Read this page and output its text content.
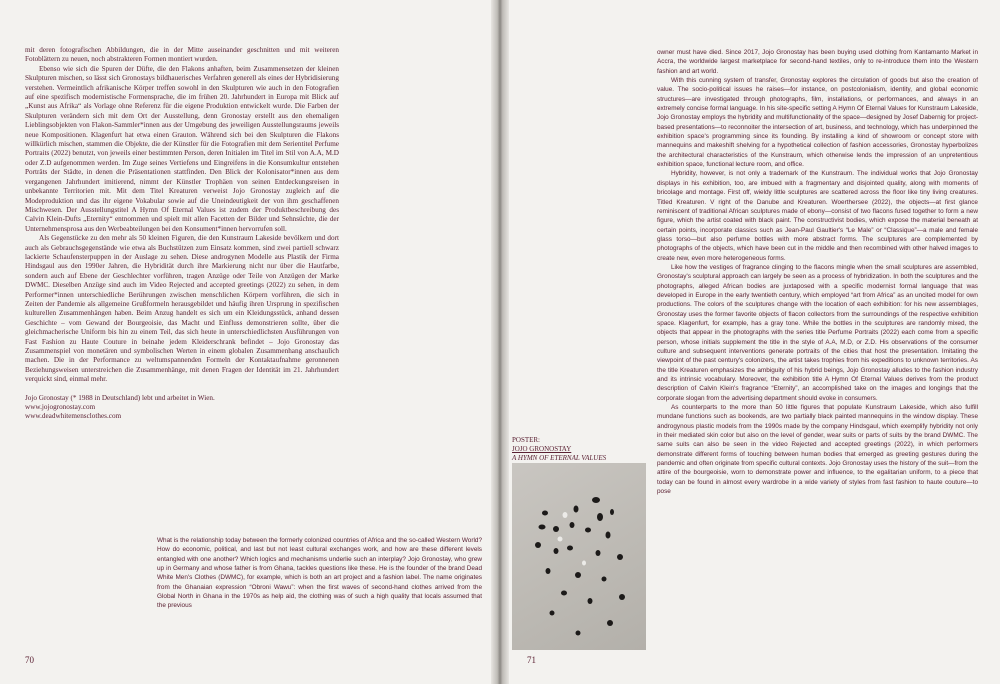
mit deren fotografischen Abbildungen, die in der Mitte auseinander geschnitten und mit weiteren Fotoblättern zu neuen, noch abstrakteren Formen montiert wurden.

Ebenso wie sich die Spuren der Düfte, die den Flakons anhaften, beim Zusammensetzen der kleinen Skulpturen mischen, so lässt sich Gronostays bildhauerisches Verfahren generell als eines der Hybridisierung verstehen. Vermeintlich afrikanische Körper treffen sowohl in den Skulpturen wie auch in den Fotografien auf eine spezifisch modernistische Formensprache, die im frühen 20. Jahrhundert in Europa mit Blick auf „Kunst aus Afrika“ als Vorlage ohne Referenz für die eigene Produktion entwickelt wurde. Die Farben der Skulpturen verändern sich mit dem Ort der Ausstellung, denn Gronostay erstellt aus den ehemaligen Lieblingsobjekten von Flakon-Sammler*innen aus der Umgebung des jeweiligen Ausstellungsraums jeweils neue Kompositionen. Klagenfurt hat etwa einen Grauton. Während sich bei den Skulpturen die Flakons willkürlich mischen, stammen die Objekte, die der Künstler für die Fotografien mit dem Serientitel Perfume Portraits (2022) benutzt, von jeweils einer bestimmten Person, deren Initialen im Titel im Stil von A.A, M.D oder Z.D aufgenommen werden. Im Zuge seines Vertiefens und Eingreifens in die Konsumkultur entstehen Porträts der Städte, in denen die Präsentationen stattfinden. Den Blick der Kolonisator*innen aus dem vergangenen Jahrhundert imitierend, nimmt der Künstler Trophäen von seinen Entdeckungsreisen in unbekannte Territorien mit. Mit dem Titel Kreaturen verweist Jojo Gronostay zugleich auf die Modeproduktion und das ihr eigene Vokabular sowie auf die Uneindeutigkeit der von ihm geschaffenen Mischwesen. Der Ausstellungstitel A Hymn Of Eternal Values ist zudem der Produktbeschreibung des Calvin Klein-Dufts „Eternity“ entnommen und spielt mit allen Facetten der Bilder und Sehnsüchte, die der Unternehmensprosa aus den Werbeabteilungen bei den Konsument*innen hervorrufen soll.

Als Gegenstücke zu den mehr als 50 kleinen Figuren, die den Kunstraum Lakeside bevölkern und dort auch als Gebrauchsgegenstände wie etwa als Buchstützen zum Einsatz kommen, sind zwei partiell schwarz lackierte Schaufensterpuppen in der Auslage zu sehen. Diese androgynen Modelle aus Plastik der Firma Hindsgaul aus den 1990er Jahren, die Hybridität durch ihre Markierung nicht nur über die Hautfarbe, sondern auch auf Ebene der Geschlechter vorführen, tragen Anzüge oder Teile von Anzügen der Marke DWMC. Dieselben Anzüge sind auch im Video Rejected and accepted greetings (2022) zu sehen, in dem Performer*innen unterschiedliche Berührungen zwischen menschlichen Körpern vorführen, die sich in Zeiten der Pandemie als allgemeine Grußformeln herausgebildet und häufig ihren Ursprung in spezifischen kulturellen Zusammenhängen haben. Beim Anzug handelt es sich um ein Kleidungsstück, anhand dessen Geschichte – vom Gewand der Bourgeoisie, das Macht und Einfluss demonstrieren sollte, über die gleichmacherische Uniform bis hin zu einem Teil, das sich heute in unterschiedlichsten Ausführungen von Fast Fashion zu Haute Couture in beinahe jedem Kleiderschrank befindet – Jojo Gronostay das Zusammenspiel von monetären und symbolischen Werten in einem globalen Zusammenhang anschaulich machen. Die in der Performance zu weltumspannenden Formeln der Kontaktaufnahme geronnenen Beziehungsweisen unterstreichen die Zusammenhänge, mit denen Fragen der Identität im 21. Jahrhundert verquickt sind, einmal mehr.

Jojo Gronostay (* 1988 in Deutschland) lebt und arbeitet in Wien.

www.jojogronostay.com

www.deadwhitemensclothes.com

What is the relationship today between the formerly colonized countries of Africa and the so-called Western World? How do economic, political, and last but not least cultural exchanges work, and how are these different levels entangled with one another? Which logics and mechanisms underlie such an interplay? Jojo Gronostay, who grew up in Germany and whose father is from Ghana, tackles questions like these. He is the founder of the brand Dead White Men's Clothes (DWMC), for example, which is both an art project and a fashion label. The name originates from the Ghanaian expression “Obroni Wawu”: when the first waves of second-hand clothes arrived from the Global North in Ghana in the 1970s as help aid, the clothing was of such a high quality that locals assumed that the previous

70

owner must have died. Since 2017, Jojo Gronostay has been buying used clothing from Kantamanto Market in Accra, the worldwide largest marketplace for second-hand textiles, only to re-introduce them into the Western fashion and art world.

With this cunning system of transfer, Gronostay explores the circulation of goods but also the creation of value. The socio-political issues he raises—for instance, on postcolonialism, identity, and global economic structures—are investigated through photographs, film, installations, or performances, and always in an extremely concise formal language. In his site-specific setting A Hymn Of Eternal Values for Kunstraum Lakeside, Jojo Gronostay employs the hybridity and multifunctionality of the space—designed by Josef Dabernig for project-based presentations—to reconnoiter the intersection of art, business, and technology, which has underpinned the exhibition space's programming since its founding. By installing a kind of showroom or concept store with mannequins and makeshift shelving for a hypothetical collection of fashion accessories, Gronostay hyperbolizes the architectural characteristics of the Kunstraum, which otherwise lends the impression of an unpretentious exhibition space, functional lecture room, and office.

Hybridity, however, is not only a trademark of the Kunstraum. The individual works that Jojo Gronostay displays in his exhibition, too, are imbued with a fragmentary and disjointed quality, along with moments of bricolage and montage. First off, wieldy little sculptures are scattered across the floor like tiny living creatures. Titled Kreaturen. V right of the Danube and Kreaturen. Woerthersee (2022), the objects—at first glance reminiscent of traditional African sculptures made of ebony—consist of two flacons fused together to form a new figure, which the artist coated with black paint. The constructivist bodies, which expose the material beneath at certain points, incorporate classics such as Jean-Paul Gaultier's “Le Male” or “Classique”—a male and female glass torso—but also perfume bottles with more abstract forms. The sculptures are complemented by photographs of the objects, which have been cut in the middle and then recombined with other halved images to create new, even more heterogeneous forms.

Like how the vestiges of fragrance clinging to the flacons mingle when the small sculptures are assembled, Gronostay's sculptural approach can largely be seen as a process of hybridization. In both the sculptures and the photographs, alleged African bodies are juxtaposed with a specific modernist formal language that was developed in Europe in the early twentieth century, which employed “art from Africa” as an uncited model for own productions. The colors of the sculptures change with the location of each exhibition: for his new assemblages, Gronostay uses the former favorite objects of flacon collectors from the surroundings of the respective exhibition space. Klagenfurt, for example, has a gray tone. While the bottles in the sculptures are randomly mixed, the objects that appear in the photographs with the series title Perfume Portraits (2022) each come from a specific person, whose initials supplement the title in the style of A.A, M.D, or Z.D. His observations of the consumer culture and subsequent interventions generate portraits of the cities that host the presentation. Imitating the viewpoint of the past century's colonizers, the artist takes trophies from his expeditions to unknown territories. As the title Kreaturen emphasizes the ambiguity of his hybrid beings, Jojo Gronostay alludes to the fashion industry and its intrinsic vocabulary. Moreover, the exhibition title A Hymn Of Eternal Values derives from the product description of Calvin Klein's fragrance “Eternity”, an accomplished take on the images and longings that the corporate slogan from the advertising department should evoke in consumers.

As counterparts to the more than 50 little figures that populate Kunstraum Lakeside, which also fulfill mundane functions such as bookends, are two partially black painted mannequins in the window display. These androgynous plastic models from the 1990s made by the company Hindsgaul, which exemplify hybridity not only in their mediated skin color but also on the level of gender, wear suits or parts of suits by the brand DWMC. The same suits can also be seen in the video Rejected and accepted greetings (2022), in which performers demonstrate different forms of touching between human bodies that emerged as greeting gestures during the pandemic and often originate from specific cultural contexts. Jojo Gronostay uses the history of the suit—from the attire of the bourgeoisie, worn to demonstrate power and influence, to the egalitarian uniform, to a piece that today can be found in almost every wardrobe in a wide variety of styles from fast fashion to haute couture—to pose

71
POSTER:
JOJO GRONOSTAY
A HYMN OF ETERNAL VALUES
